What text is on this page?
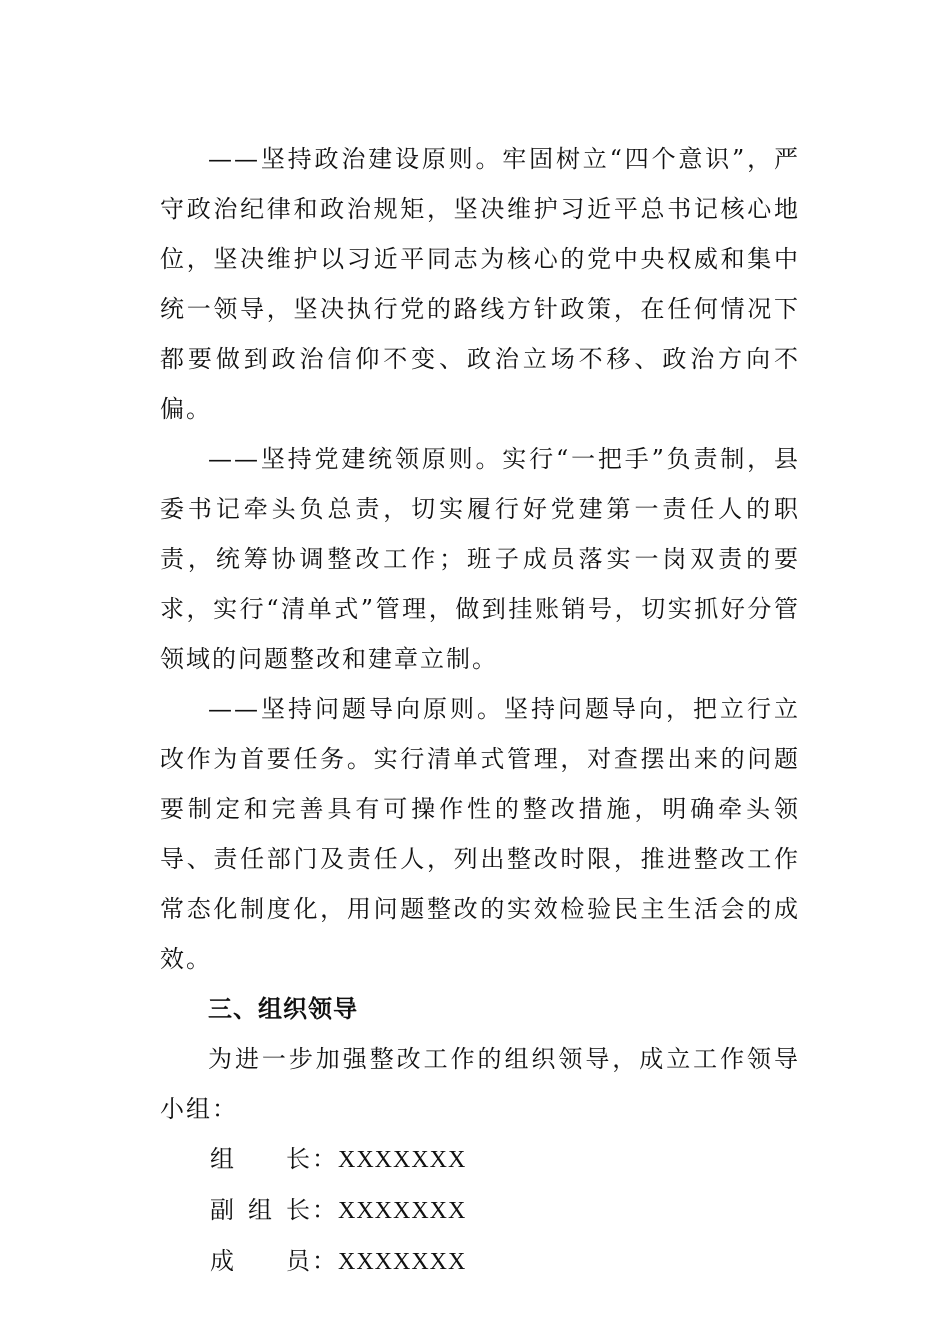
——坚持政治建设原则。牢固树立“四个意识”，严守政治纪律和政治规矩，坚决维护习近平总书记核心地位，坚决维护以习近平同志为核心的党中央权威和集中统一领导，坚决执行党的路线方针政策，在任何情况下都要做到政治信仰不变、政治立场不移、政治方向不偏。

——坚持党建统领原则。实行“一把手”负责制，县委书记牵头负总责，切实履行好党建第一责任人的职责，统筹协调整改工作；班子成员落实一岗双责的要求，实行“清单式”管理，做到挂账销号，切实抓好分管领域的问题整改和建章立制。

——坚持问题导向原则。坚持问题导向，把立行立改作为首要任务。实行清单式管理，对查摆出来的问题要制定和完善具有可操作性的整改措施，明确牵头领导、责任部门及责任人，列出整改时限，推进整改工作常态化制度化，用问题整改的实效检验民主生活会的成效。

三、组织领导

为进一步加强整改工作的组织领导，成立工作领导小组：

组长：XXXXXXX

副组长：XXXXXXX

成员：XXXXXXX
